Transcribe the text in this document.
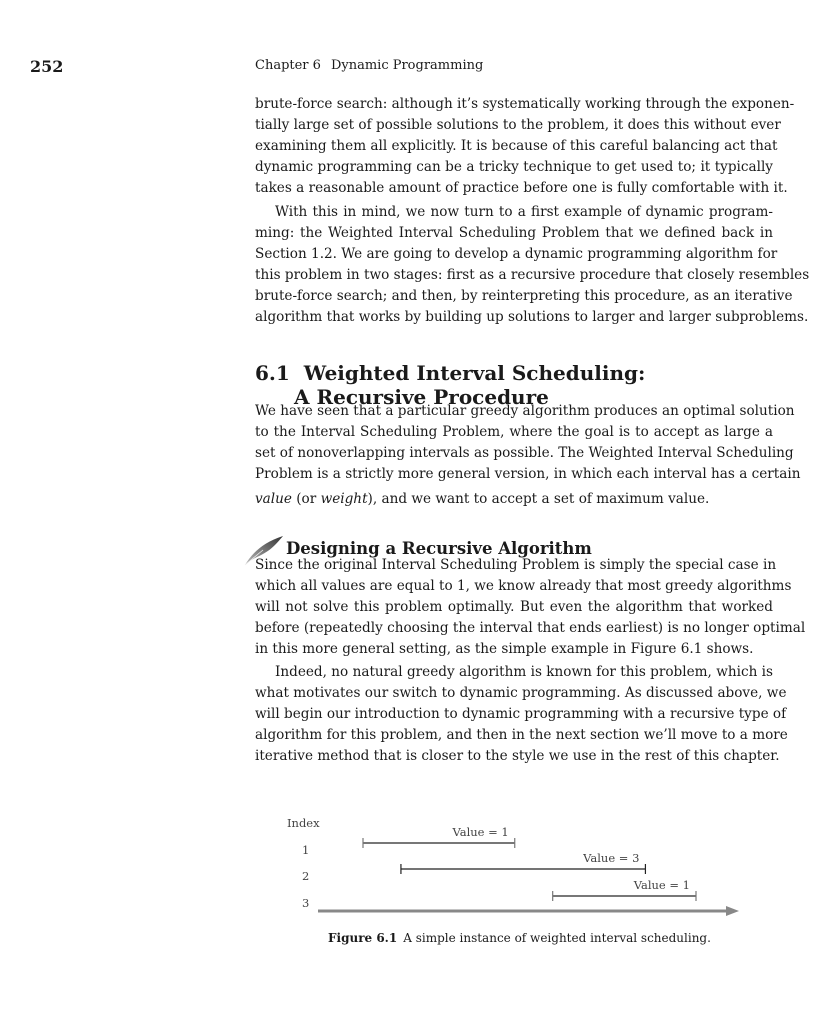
252	Chapter 6 Dynamic Programming
brute-force search: although it’s systematically working through the exponen-
tially large set of possible solutions to the problem, it does this without ever
examining them all explicitly. It is because of this careful balancing act that
dynamic programming can be a tricky technique to get used to; it typically
takes a reasonable amount of practice before one is fully comfortable with it.
With this in mind, we now turn to a first example of dynamic program-
ming: the Weighted Interval Scheduling Problem that we defined back in
Section 1.2. We are going to develop a dynamic programming algorithm for
this problem in two stages: first as a recursive procedure that closely resembles
brute-force search; and then, by reinterpreting this procedure, as an iterative
algorithm that works by building up solutions to larger and larger subproblems.
We have seen that a particular greedy algorithm produces an optimal solution
to the Interval Scheduling Problem, where the goal is to accept as large a
set of nonoverlapping intervals as possible. The Weighted Interval Scheduling
Problem is a strictly more general version, in which each interval has a certain
Since the original Interval Scheduling Problem is simply the special case in
which all values are equal to 1, we know already that most greedy algorithms
will not solve this problem optimally. But even the algorithm that worked
before (repeatedly choosing the interval that ends earliest) is no longer optimal
in this more general setting, as the simple example in Figure 6.1 shows.
Indeed, no natural greedy algorithm is known for this problem, which is
what motivates our switch to dynamic programming. As discussed above, we
will begin our introduction to dynamic programming with a recursive type of
algorithm for this problem, and then in the next section we’ll move to a more
iterative method that is closer to the style we use in the rest of this chapter.
value (or weight), and we want to accept a set of maximum value.
6.1 Weighted Interval Scheduling:
A Recursive Procedure
Designing a Recursive Algorithm
Index
Value = 1
1
Value = 3
2
Value = 1
3
Figure 6.1 A simple instance of weighted interval scheduling.
